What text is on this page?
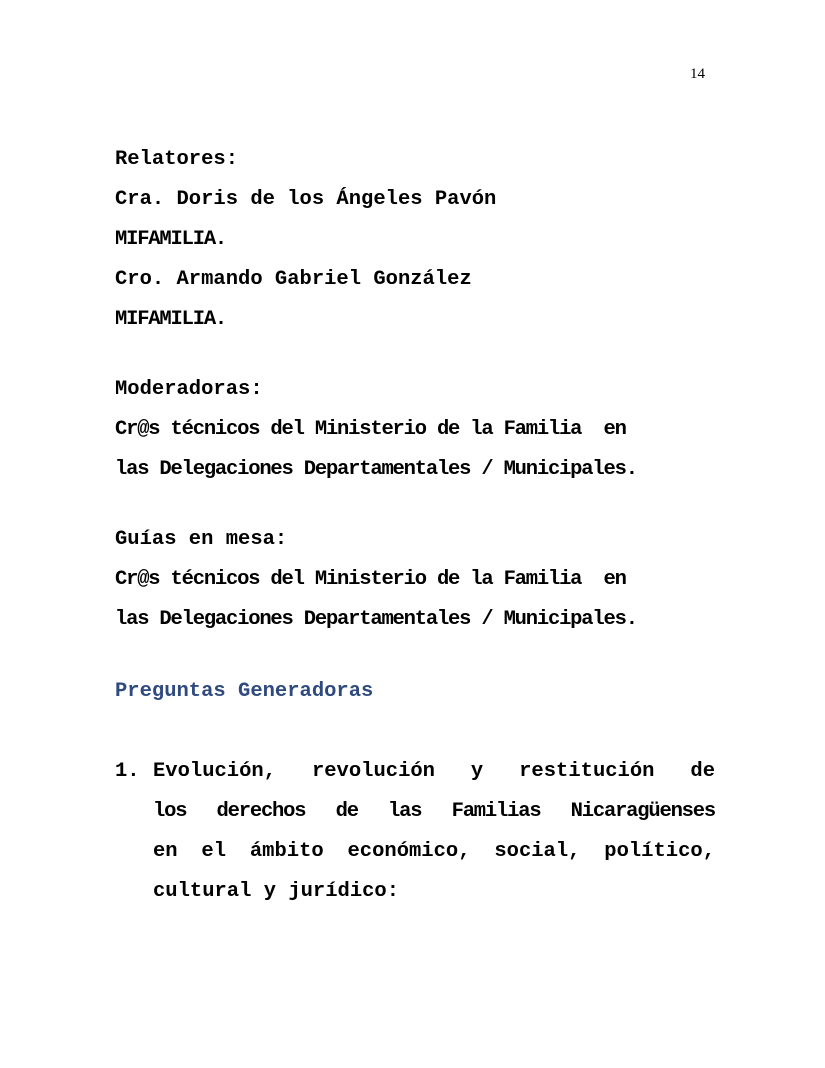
14
Relatores:
Cra. Doris de los Ángeles Pavón
MIFAMILIA.
Cro. Armando Gabriel González
MIFAMILIA.
Moderadoras:
Cr@s técnicos del Ministerio de la Familia  en
las Delegaciones Departamentales / Municipales.
Guías en mesa:
Cr@s técnicos del Ministerio de la Familia  en
las Delegaciones Departamentales / Municipales.
Preguntas Generadoras
1. Evolución, revolución y restitución de
los derechos de las Familias Nicaragüenses
en el ámbito económico, social, político,
cultural y jurídico:
